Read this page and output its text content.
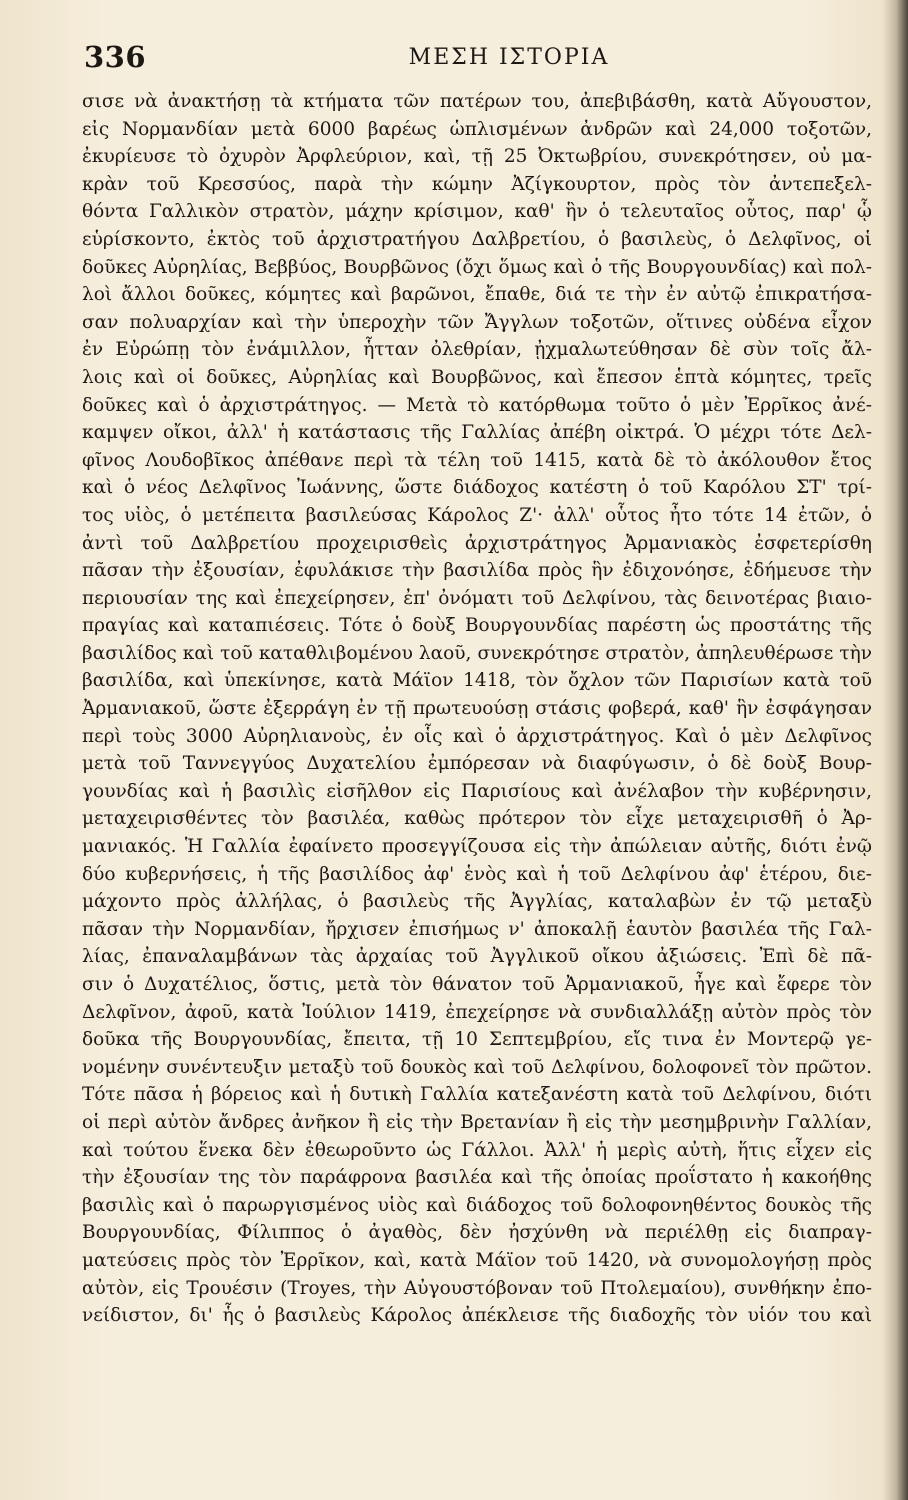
336	ΜΕΣΗ ΙΣΤΟΡΙΑ
σισε νὰ ἀνακτήσῃ τὰ κτήματα τῶν πατέρων του, ἀπεβιβάσθη, κατὰ Αὔγουστον,
εἰς Νορμανδίαν μετὰ 6000 βαρέως ὡπλισμένων ἀνδρῶν καὶ 24,000 τοξοτῶν,
ἐκυρίευσε τὸ ὀχυρὸν Ἀρφλεύριον, καὶ, τῇ 25 Ὀκτωβρίου, συνεκρότησεν, οὐ μα-
κρὰν τοῦ Κρεσσύος, παρὰ τὴν κώμην Ἀζίγκουρτον, πρὸς τὸν ἀντεπεξελ-
θόντα Γαλλικὸν στρατὸν, μάχην κρίσιμον, καθ' ἣν ὁ τελευταῖος οὗτος, παρ' ᾧ
εὑρίσκοντο, ἐκτὸς τοῦ ἀρχιστρατήγου Δαλβρετίου, ὁ βασιλεὺς, ὁ Δελφῖνος, οἱ
δοῦκες Αὐρηλίας, Βεββύος, Βουρβῶνος (ὄχι ὅμως καὶ ὁ τῆς Βουργουνδίας) καὶ πολ-
λοὶ ἄλλοι δοῦκες, κόμητες καὶ βαρῶνοι, ἔπαθε, διά τε τὴν ἐν αὐτῷ ἐπικρατήσα-
σαν πολυαρχίαν καὶ τὴν ὑπεροχὴν τῶν Ἄγγλων τοξοτῶν, οἵτινες οὐδένα εἶχον
ἐν Εὐρώπῃ τὸν ἐνάμιλλον, ἧτταν ὀλεθρίαν, ᾐχμαλωτεύθησαν δὲ σὺν τοῖς ἄλ-
λοις καὶ οἱ δοῦκες, Αὐρηλίας καὶ Βουρβῶνος, καὶ ἔπεσον ἑπτὰ κόμητες, τρεῖς
δοῦκες καὶ ὁ ἀρχιστράτηγος. — Μετὰ τὸ κατόρθωμα τοῦτο ὁ μὲν Ἐρρῖκος ἀνέ-
καμψεν οἴκοι, ἀλλ' ἡ κατάστασις τῆς Γαλλίας ἀπέβη οἰκτρά. Ὁ μέχρι τότε Δελ-
φῖνος Λουδοβῖκος ἀπέθανε περὶ τὰ τέλη τοῦ 1415, κατὰ δὲ τὸ ἀκόλουθον ἔτος
καὶ ὁ νέος Δελφῖνος Ἰωάννης, ὥστε διάδοχος κατέστη ὁ τοῦ Καρόλου ΣΤ' τρί-
τος υἱὸς, ὁ μετέπειτα βασιλεύσας Κάρολος Ζ'· ἀλλ' οὗτος ἦτο τότε 14 ἐτῶν, ὁ
ἀντὶ τοῦ Δαλβρετίου προχειρισθεὶς ἀρχιστράτηγος Ἀρμανιακὸς ἐσφετερίσθη
πᾶσαν τὴν ἐξουσίαν, ἐφυλάκισε τὴν βασιλίδα πρὸς ἣν ἐδιχονόησε, ἐδήμευσε τὴν
περιουσίαν της καὶ ἐπεχείρησεν, ἐπ' ὀνόματι τοῦ Δελφίνου, τὰς δεινοτέρας βιαιο-
πραγίας καὶ καταπιέσεις. Τότε ὁ δοὺξ Βουργουνδίας παρέστη ὡς προστάτης τῆς
βασιλίδος καὶ τοῦ καταθλιβομένου λαοῦ, συνεκρότησε στρατὸν, ἀπηλευθέρωσε τὴν
βασιλίδα, καὶ ὑπεκίνησε, κατὰ Μάϊον 1418, τὸν ὄχλον τῶν Παρισίων κατὰ τοῦ
Ἀρμανιακοῦ, ὥστε ἐξερράγη ἐν τῇ πρωτευούσῃ στάσις φοβερά, καθ' ἣν ἐσφάγησαν
περὶ τοὺς 3000 Αὐρηλιανοὺς, ἐν οἷς καὶ ὁ ἀρχιστράτηγος. Καὶ ὁ μὲν Δελφῖνος
μετὰ τοῦ Ταννεγγύος Δυχατελίου ἐμπόρεσαν νὰ διαφύγωσιν, ὁ δὲ δοὺξ Βουρ-
γουνδίας καὶ ἡ βασιλὶς εἰσῆλθον εἰς Παρισίους καὶ ἀνέλαβον τὴν κυβέρνησιν,
μεταχειρισθέντες τὸν βασιλέα, καθὼς πρότερον τὸν εἶχε μεταχειρισθῆ ὁ Ἀρ-
μανιακός. Ἡ Γαλλία ἐφαίνετο προσεγγίζουσα εἰς τὴν ἀπώλειαν αὐτῆς, διότι ἐνῷ
δύο κυβερνήσεις, ἡ τῆς βασιλίδος ἀφ' ἑνὸς καὶ ἡ τοῦ Δελφίνου ἀφ' ἑτέρου, διε-
μάχοντο πρὸς ἀλλήλας, ὁ βασιλεὺς τῆς Ἀγγλίας, καταλαβὼν ἐν τῷ μεταξὺ
πᾶσαν τὴν Νορμανδίαν, ἤρχισεν ἐπισήμως ν' ἀποκαλῇ ἑαυτὸν βασιλέα τῆς Γαλ-
λίας, ἐπαναλαμβάνων τὰς ἀρχαίας τοῦ Ἀγγλικοῦ οἴκου ἀξιώσεις. Ἐπὶ δὲ πᾶ-
σιν ὁ Δυχατέλιος, ὅστις, μετὰ τὸν θάνατον τοῦ Ἀρμανιακοῦ, ἦγε καὶ ἔφερε τὸν
Δελφῖνον, ἀφοῦ, κατὰ Ἰούλιον 1419, ἐπεχείρησε νὰ συνδιαλλάξῃ αὐτὸν πρὸς τὸν
δοῦκα τῆς Βουργουνδίας, ἔπειτα, τῇ 10 Σεπτεμβρίου, εἴς τινα ἐν Μοντερῷ γε-
νομένην συνέντευξιν μεταξὺ τοῦ δουκὸς καὶ τοῦ Δελφίνου, δολοφονεῖ τὸν πρῶτον.
Τότε πᾶσα ἡ βόρειος καὶ ἡ δυτικὴ Γαλλία κατεξανέστη κατὰ τοῦ Δελφίνου, διότι
οἱ περὶ αὐτὸν ἄνδρες ἀνῆκον ἢ εἰς τὴν Βρετανίαν ἢ εἰς τὴν μεσημβρινὴν Γαλλίαν,
καὶ τούτου ἕνεκα δὲν ἐθεωροῦντο ὡς Γάλλοι. Ἀλλ' ἡ μερὶς αὐτὴ, ἥτις εἶχεν εἰς
τὴν ἐξουσίαν της τὸν παράφρονα βασιλέα καὶ τῆς ὁποίας προΐστατο ἡ κακοήθης
βασιλὶς καὶ ὁ παρωργισμένος υἱὸς καὶ διάδοχος τοῦ δολοφονηθέντος δουκὸς τῆς
Βουργουνδίας, Φίλιππος ὁ ἀγαθὸς, δὲν ἠσχύνθη νὰ περιέλθῃ εἰς διαπραγ-
ματεύσεις πρὸς τὸν Ἐρρῖκον, καὶ, κατὰ Μάϊον τοῦ 1420, νὰ συνομολογήσῃ πρὸς
αὐτὸν, εἰς Τρουέσιν (Troyes, τὴν Αὐγουστόβοναν τοῦ Πτολεμαίου), συνθήκην ἐπο-
νείδιστον, δι' ἧς ὁ βασιλεὺς Κάρολος ἀπέκλεισε τῆς διαδοχῆς τὸν υἱόν του καὶ
